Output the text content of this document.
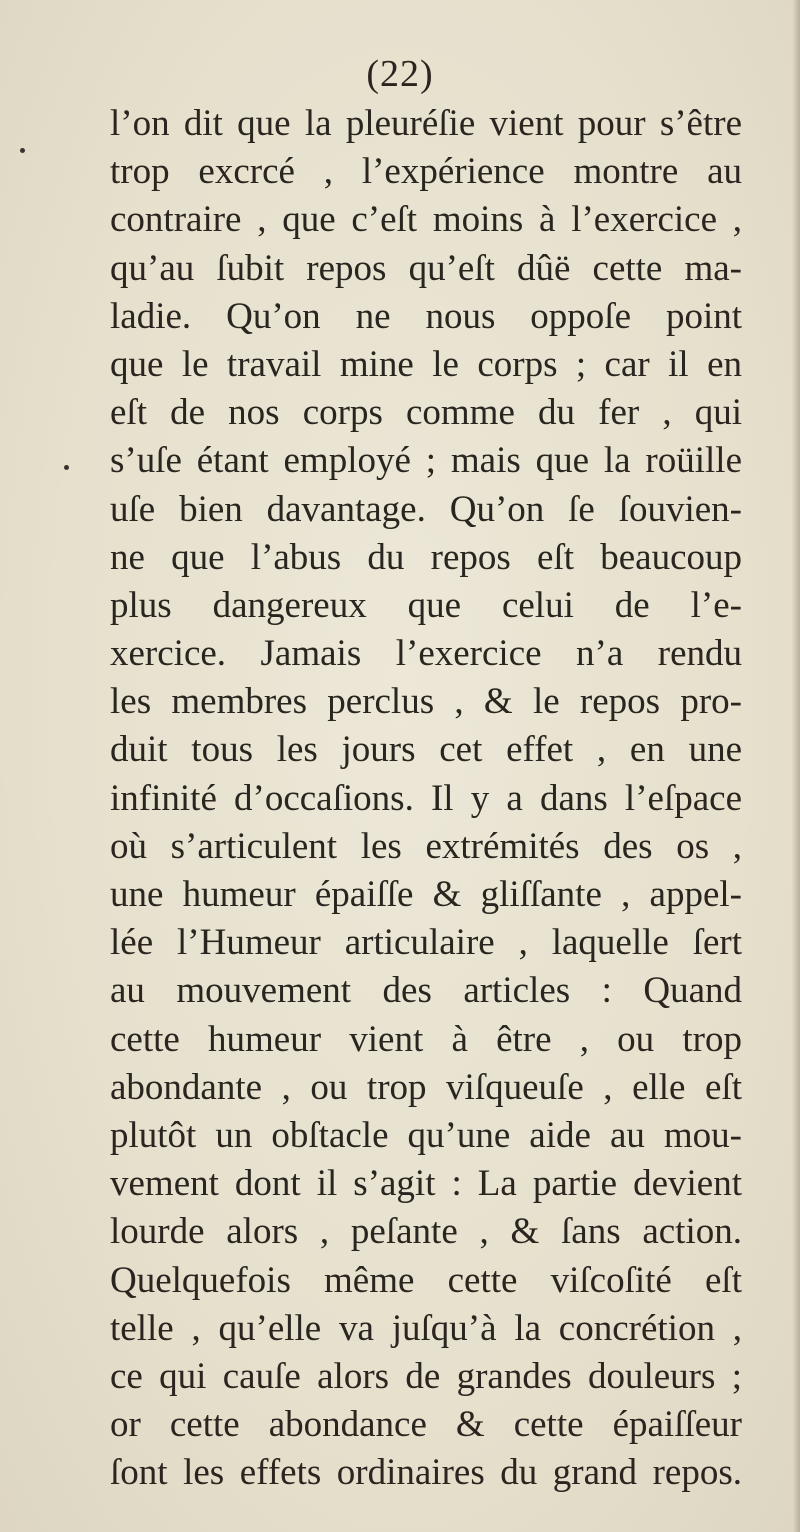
(22)
l’on dit que la pleuréſie vient pour s’être
trop excrcé , l’expérience montre au
contraire , que c’eſt moins à l’exercice ,
qu’au ſubit repos qu’eſt dûë cette ma-
ladie. Qu’on ne nous oppoſe point
que le travail mine le corps ; car il en
eſt de nos corps comme du fer , qui
s’uſe étant employé ; mais que la roüille
uſe bien davantage. Qu’on ſe ſouvien-
ne que l’abus du repos eſt beaucoup
plus dangereux que celui de l’e-
xercice. Jamais l’exercice n’a rendu
les membres perclus , & le repos pro-
duit tous les jours cet effet , en une
infinité d’occaſions. Il y a dans l’eſpace
où s’articulent les extrémités des os ,
une humeur épaiſſe & gliſſante , appel-
lée l’Humeur articulaire , laquelle ſert
au mouvement des articles : Quand
cette humeur vient à être , ou trop
abondante , ou trop viſqueuſe , elle eſt
plutôt un obſtacle qu’une aide au mou-
vement dont il s’agit : La partie devient
lourde alors , peſante , & ſans action.
Quelquefois même cette viſcoſité eſt
telle , qu’elle va juſqu’à la concrétion ,
ce qui cauſe alors de grandes douleurs ;
or cette abondance & cette épaiſſeur
ſont les effets ordinaires du grand repos.
